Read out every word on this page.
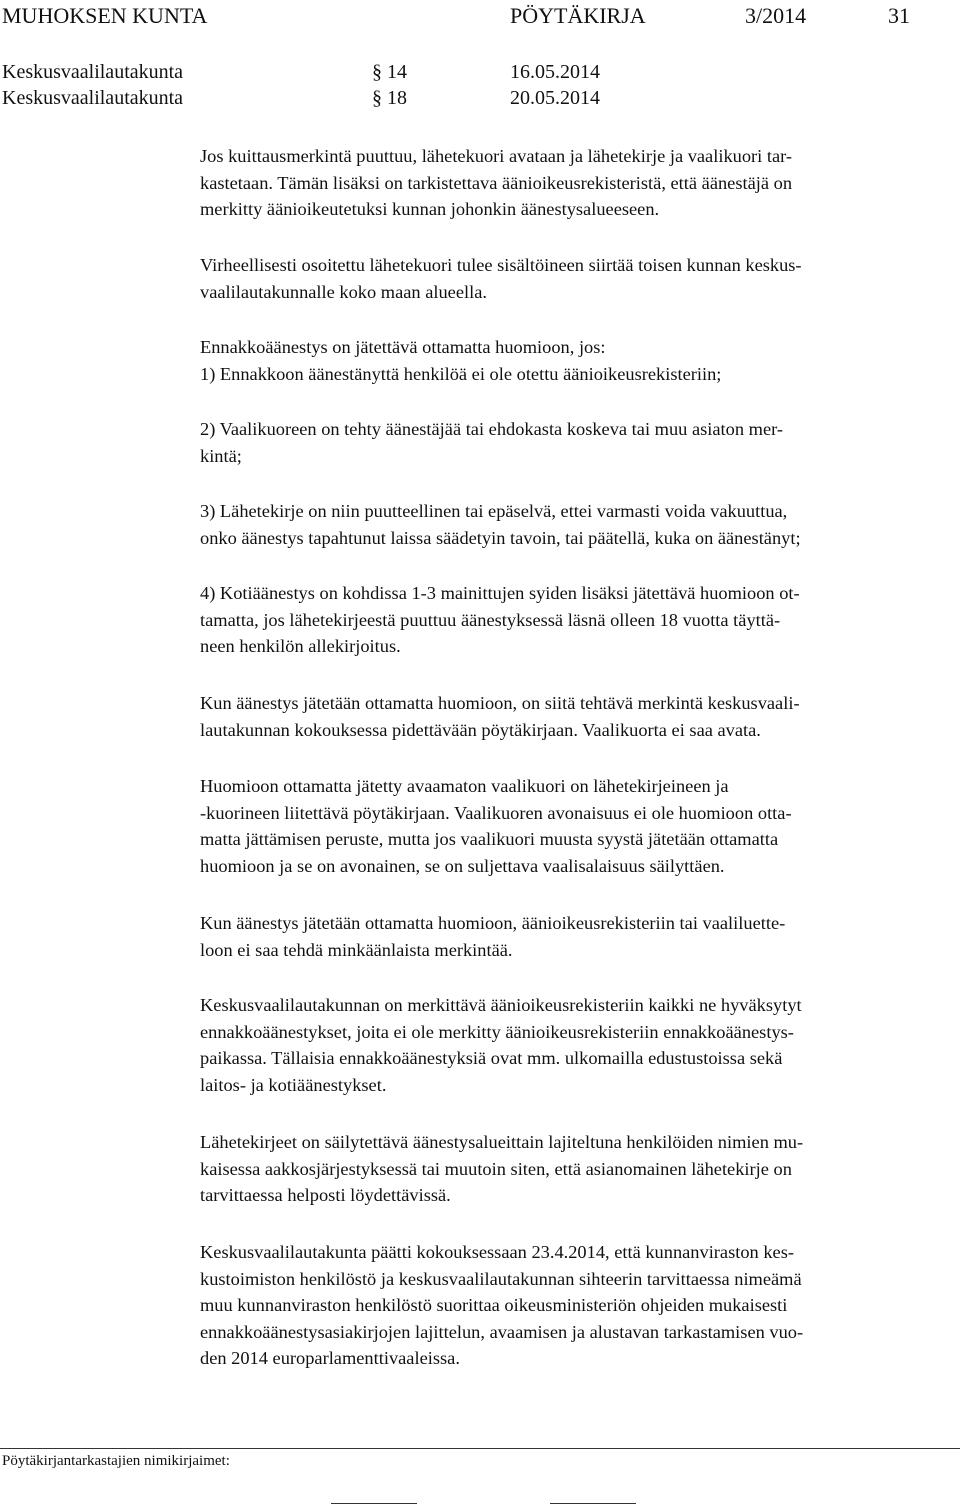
MUHOKSEN KUNTA	PÖYTÄKIRJA	3/2014	31
Keskusvaalilautakunta	§ 14	16.05.2014
Keskusvaalilautakunta	§ 18	20.05.2014
Jos kuittausmerkintä puuttuu, lähetekuori avataan ja lähetekirje ja vaalikuori tar-
kastetaan. Tämän lisäksi on tarkistettava äänioikeusrekisteristä, että äänestäjä on
merkitty äänioikeutetuksi kunnan johonkin äänestysalueeseen.
Virheellisesti osoitettu lähetekuori tulee sisältöineen siirtää toisen kunnan keskus-
vaalilautakunnalle koko maan alueella.
Ennakkoäänestys on jätettävä ottamatta huomioon, jos:
1) Ennakkoon äänestänyttä henkilöä ei ole otettu äänioikeusrekisteriin;
2) Vaalikuoreen on tehty äänestäjää tai ehdokasta koskeva tai muu asiaton mer-
kintä;
3) Lähetekirje on niin puutteellinen tai epäselvä, ettei varmasti voida vakuuttua,
onko äänestys tapahtunut laissa säädetyin tavoin, tai päätellä, kuka on äänestänyt;
4) Kotiäänestys on kohdissa 1-3 mainittujen syiden lisäksi jätettävä huomioon ot-
tamatta, jos lähetekirjeestä puuttuu äänestyksessä läsnä olleen 18 vuotta täyttä-
neen henkilön allekirjoitus.
Kun äänestys jätetään ottamatta huomioon, on siitä tehtävä merkintä keskusvaali-
lautakunnan kokouksessa pidettävään pöytäkirjaan. Vaalikuorta ei saa avata.
Huomioon ottamatta jätetty avaamaton vaalikuori on lähetekirjeineen ja
-kuorineen liitettävä pöytäkirjaan. Vaalikuoren avonaisuus ei ole huomioon otta-
matta jättämisen peruste, mutta jos vaalikuori muusta syystä jätetään ottamatta
huomioon ja se on avonainen, se on suljettava vaalisalaisuus säilyttäen.
Kun äänestys jätetään ottamatta huomioon, äänioikeusrekisteriin tai vaaliluette-
loon ei saa tehdä minkäänlaista merkintää.
Keskusvaalilautakunnan on merkittävä äänioikeusrekisteriin kaikki ne hyväksytyt
ennakkoäänestykset, joita ei ole merkitty äänioikeusrekisteriin ennakkoäänestys-
paikassa. Tällaisia ennakkoäänestyksiä ovat mm. ulkomailla edustustoissa sekä
laitos- ja kotiäänestykset.
Lähetekirjeet on säilytettävä äänestysalueittain lajiteltuna henkilöiden nimien mu-
kaisessa aakkosjärjestyksessä tai muutoin siten, että asianomainen lähetekirje on
tarvittaessa helposti löydettävissä.
Keskusvaalilautakunta päätti kokouksessaan 23.4.2014, että kunnanviraston kes-
kustoimiston henkilöstö ja keskusvaalilautakunnan sihteerin tarvittaessa nimeämä
muu kunnanviraston henkilöstö suorittaa oikeusministeriön ohjeiden mukaisesti
ennakkoäänestysasiakirjojen lajittelun, avaamisen ja alustavan tarkastamisen vuo-
den 2014 europarlamenttivaaleissa.
Pöytäkirjantarkastajien nimikirjaimet:
